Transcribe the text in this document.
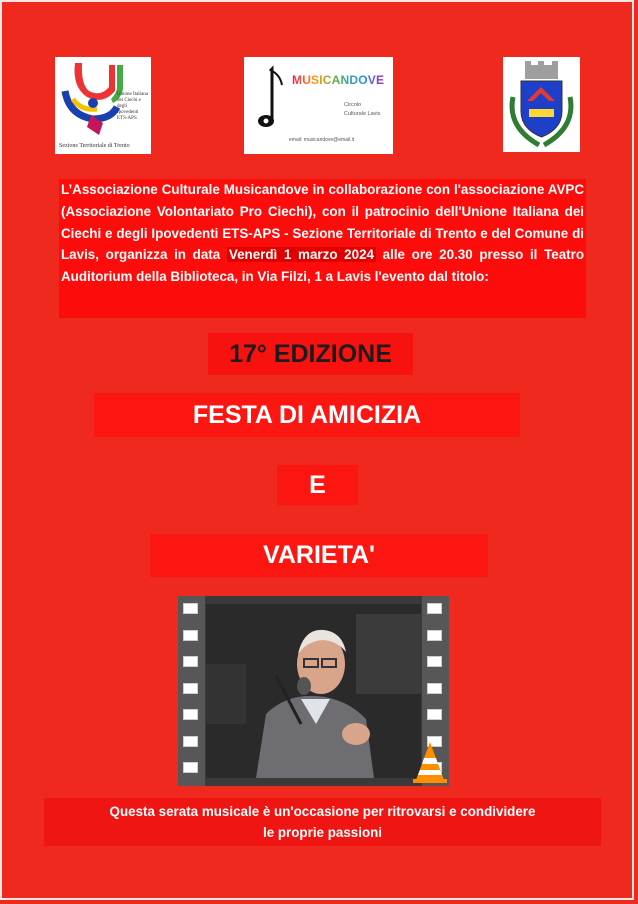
Unione Italiana dei Ciechi e degli Ipovedenti ETS-APS
Sezione Territoriale di Trento
MUSICANDOVE
Circolo Culturale Lavis
email: musicandove@email.it
L’Associazione Culturale Musicandove in collaborazione con l'associazione AVPC (Associazione Volontariato Pro Ciechi), con il patrocinio dell'Unione Italiana dei Ciechi e degli Ipovedenti ETS-APS - Sezione Territoriale di Trento e del Comune di Lavis, organizza in data Venerdì 1 marzo 2024 alle ore 20.30 presso il Teatro Auditorium della Biblioteca, in Via Filzi, 1 a Lavis l'evento dal titolo:
17° EDIZIONE
FESTA DI AMICIZIA
E
VARIETA'
Questa serata musicale è un'occasione per ritrovarsi e condividere
le proprie passioni
